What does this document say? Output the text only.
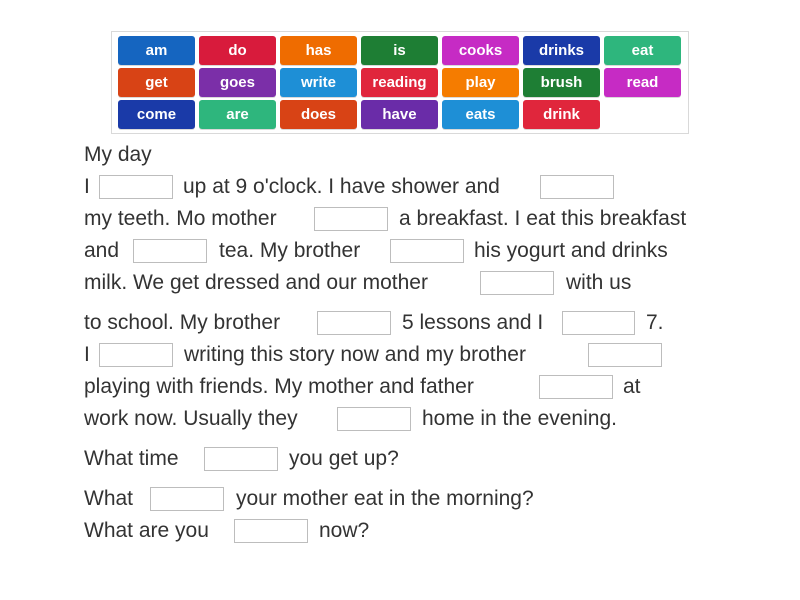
am	do	has	is	cooks	drinks	eat
get	goes	write	reading	play	brush	read
come	are	does	have	eats	drink
My day
I	up at 9 o'clock. I have shower and
my teeth. Mo mother	a breakfast. I eat this breakfast
and	tea. My brother	his yogurt and drinks
milk. We get dressed and our mother	with us
to school. My brother	5 lessons and I	7.
I	writing this story now and my brother
playing with friends. My mother and father	at
work now. Usually they	home in the evening.
What time	you get up?
What	your mother eat in the morning?
What are you	now?
